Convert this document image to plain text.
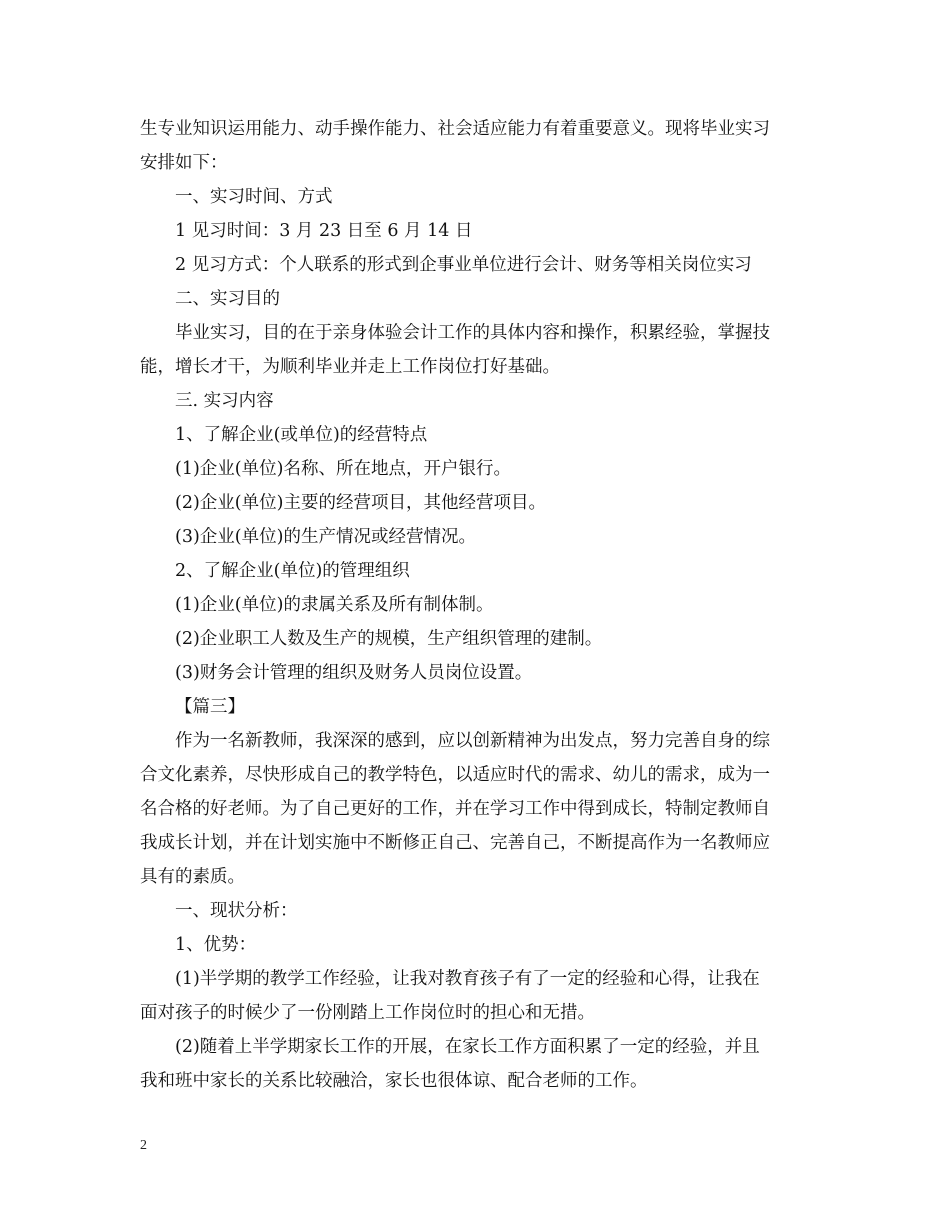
生专业知识运用能力、动手操作能力、社会适应能力有着重要意义。现将毕业实习

安排如下：

一、实习时间、方式

1 见习时间：3 月 23 日至 6 月 14 日

2 见习方式：个人联系的形式到企事业单位进行会计、财务等相关岗位实习

二、实习目的

毕业实习，目的在于亲身体验会计工作的具体内容和操作，积累经验，掌握技

能，增长才干，为顺利毕业并走上工作岗位打好基础。

三. 实习内容

1、了解企业(或单位)的经营特点

(1)企业(单位)名称、所在地点，开户银行。

(2)企业(单位)主要的经营项目，其他经营项目。

(3)企业(单位)的生产情况或经营情况。

2、了解企业(单位)的管理组织

(1)企业(单位)的隶属关系及所有制体制。

(2)企业职工人数及生产的规模，生产组织管理的建制。

(3)财务会计管理的组织及财务人员岗位设置。

【篇三】

作为一名新教师，我深深的感到，应以创新精神为出发点，努力完善自身的综

合文化素养，尽快形成自己的教学特色，以适应时代的需求、幼儿的需求，成为一

名合格的好老师。为了自己更好的工作，并在学习工作中得到成长，特制定教师自

我成长计划，并在计划实施中不断修正自己、完善自己，不断提高作为一名教师应

具有的素质。

一、现状分析：

1、优势：

(1)半学期的教学工作经验，让我对教育孩子有了一定的经验和心得，让我在

面对孩子的时候少了一份刚踏上工作岗位时的担心和无措。

(2)随着上半学期家长工作的开展，在家长工作方面积累了一定的经验，并且

我和班中家长的关系比较融洽，家长也很体谅、配合老师的工作。

2
